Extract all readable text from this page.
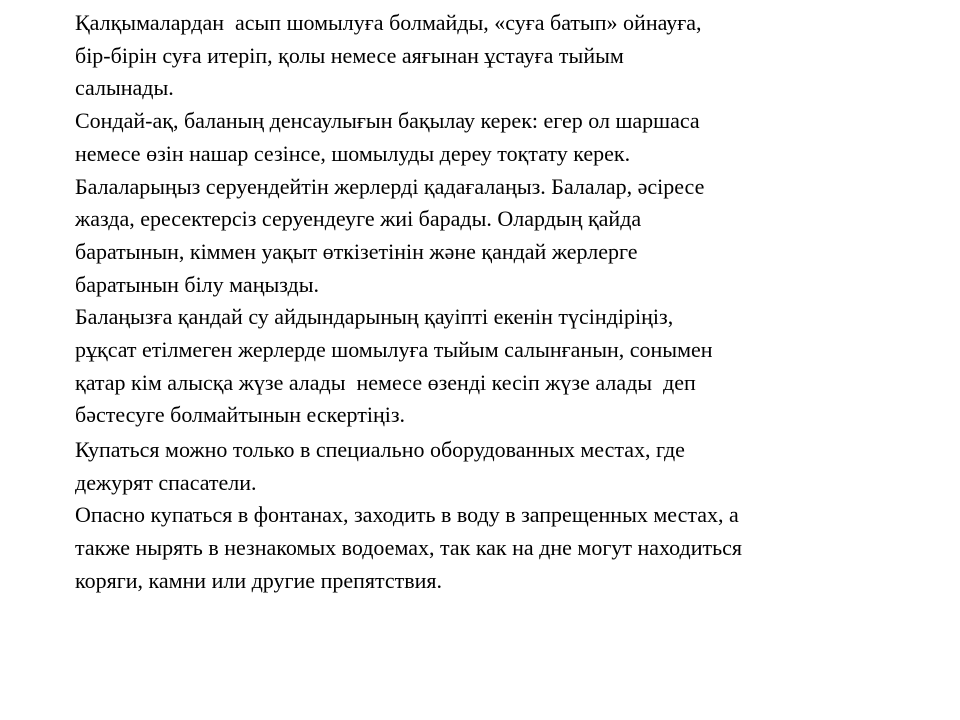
Қалқымалардан  асып шомылуға болмайды, «суға батып» ойнауға,
бір-бірін суға итеріп, қолы немесе аяғынан ұстауға тыйым
салынады.
Сондай-ақ, баланың денсаулығын бақылау керек: егер ол шаршаса
немесе өзін нашар сезінсе, шомылуды дереу тоқтату керек.
Балаларыңыз серуендейтін жерлерді қадағалаңыз. Балалар, әсіресе
жазда, ересектерсіз серуендеуге жиі барады. Олардың қайда
баратынын, кіммен уақыт өткізетінін және қандай жерлерге
баратынын білу маңызды.
Балаңызға қандай су айдындарының қауіпті екенін түсіндіріңіз,
рұқсат етілмеген жерлерде шомылуға тыйым салынғанын, сонымен
қатар кім алысқа жүзе алады  немесе өзенді кесіп жүзе алады  деп
бәстесуге болмайтынын ескертіңіз.
Купаться можно только в специально оборудованных местах, где
дежурят спасатели.
Опасно купаться в фонтанах, заходить в воду в запрещенных местах, а
также нырять в незнакомых водоемах, так как на дне могут находиться
коряги, камни или другие препятствия.
